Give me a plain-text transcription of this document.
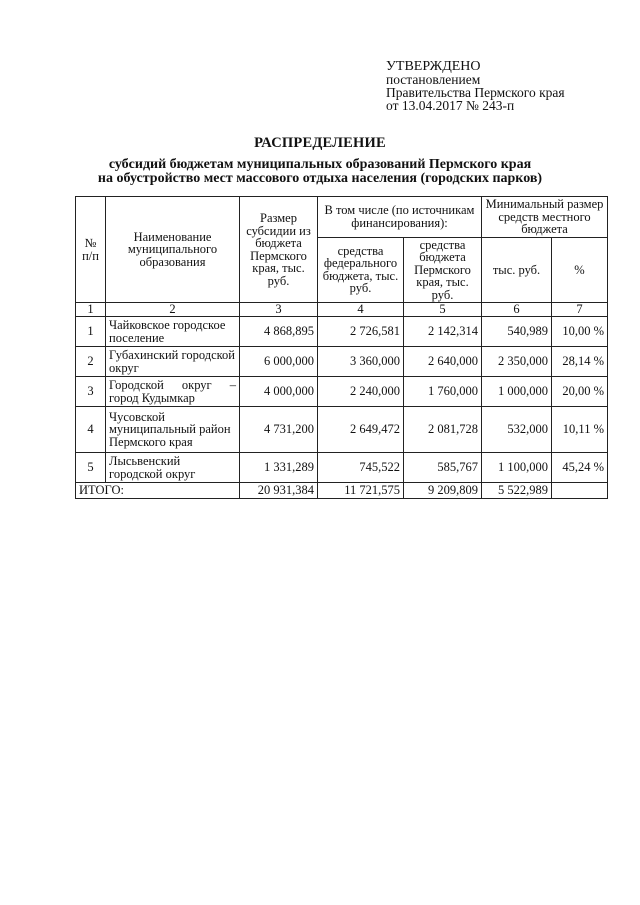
УТВЕРЖДЕНО
постановлением
Правительства Пермского края
от 13.04.2017 № 243-п
РАСПРЕДЕЛЕНИЕ
субсидий бюджетам муниципальных образований Пермского края
на обустройство мест массового отдыха населения (городских парков)
№ п/п	Наименование муниципального образования	Размер субсидии из бюджета Пермского края, тыс. руб.	В том числе (по источникам финансирования):		Минимальный размер средств местного бюджета	
			средства федерального бюджета, тыс. руб.	средства бюджета Пермского края, тыс. руб.	тыс. руб.	%
1	2	3	4	5	6	7
1	Чайковское городское поселение	4 868,895	2 726,581	2 142,314	540,989	10,00 %
2	Губахинский городской округ	6 000,000	3 360,000	2 640,000	2 350,000	28,14 %
3	Городской округ – город Кудымкар	4 000,000	2 240,000	1 760,000	1 000,000	20,00 %
4	Чусовской муниципальный район Пермского края	4 731,200	2 649,472	2 081,728	532,000	10,11 %
5	Лысьвенский городской округ	1 331,289	745,522	585,767	1 100,000	45,24 %
ИТОГО:		20 931,384	11 721,575	9 209,809	5 522,989	
